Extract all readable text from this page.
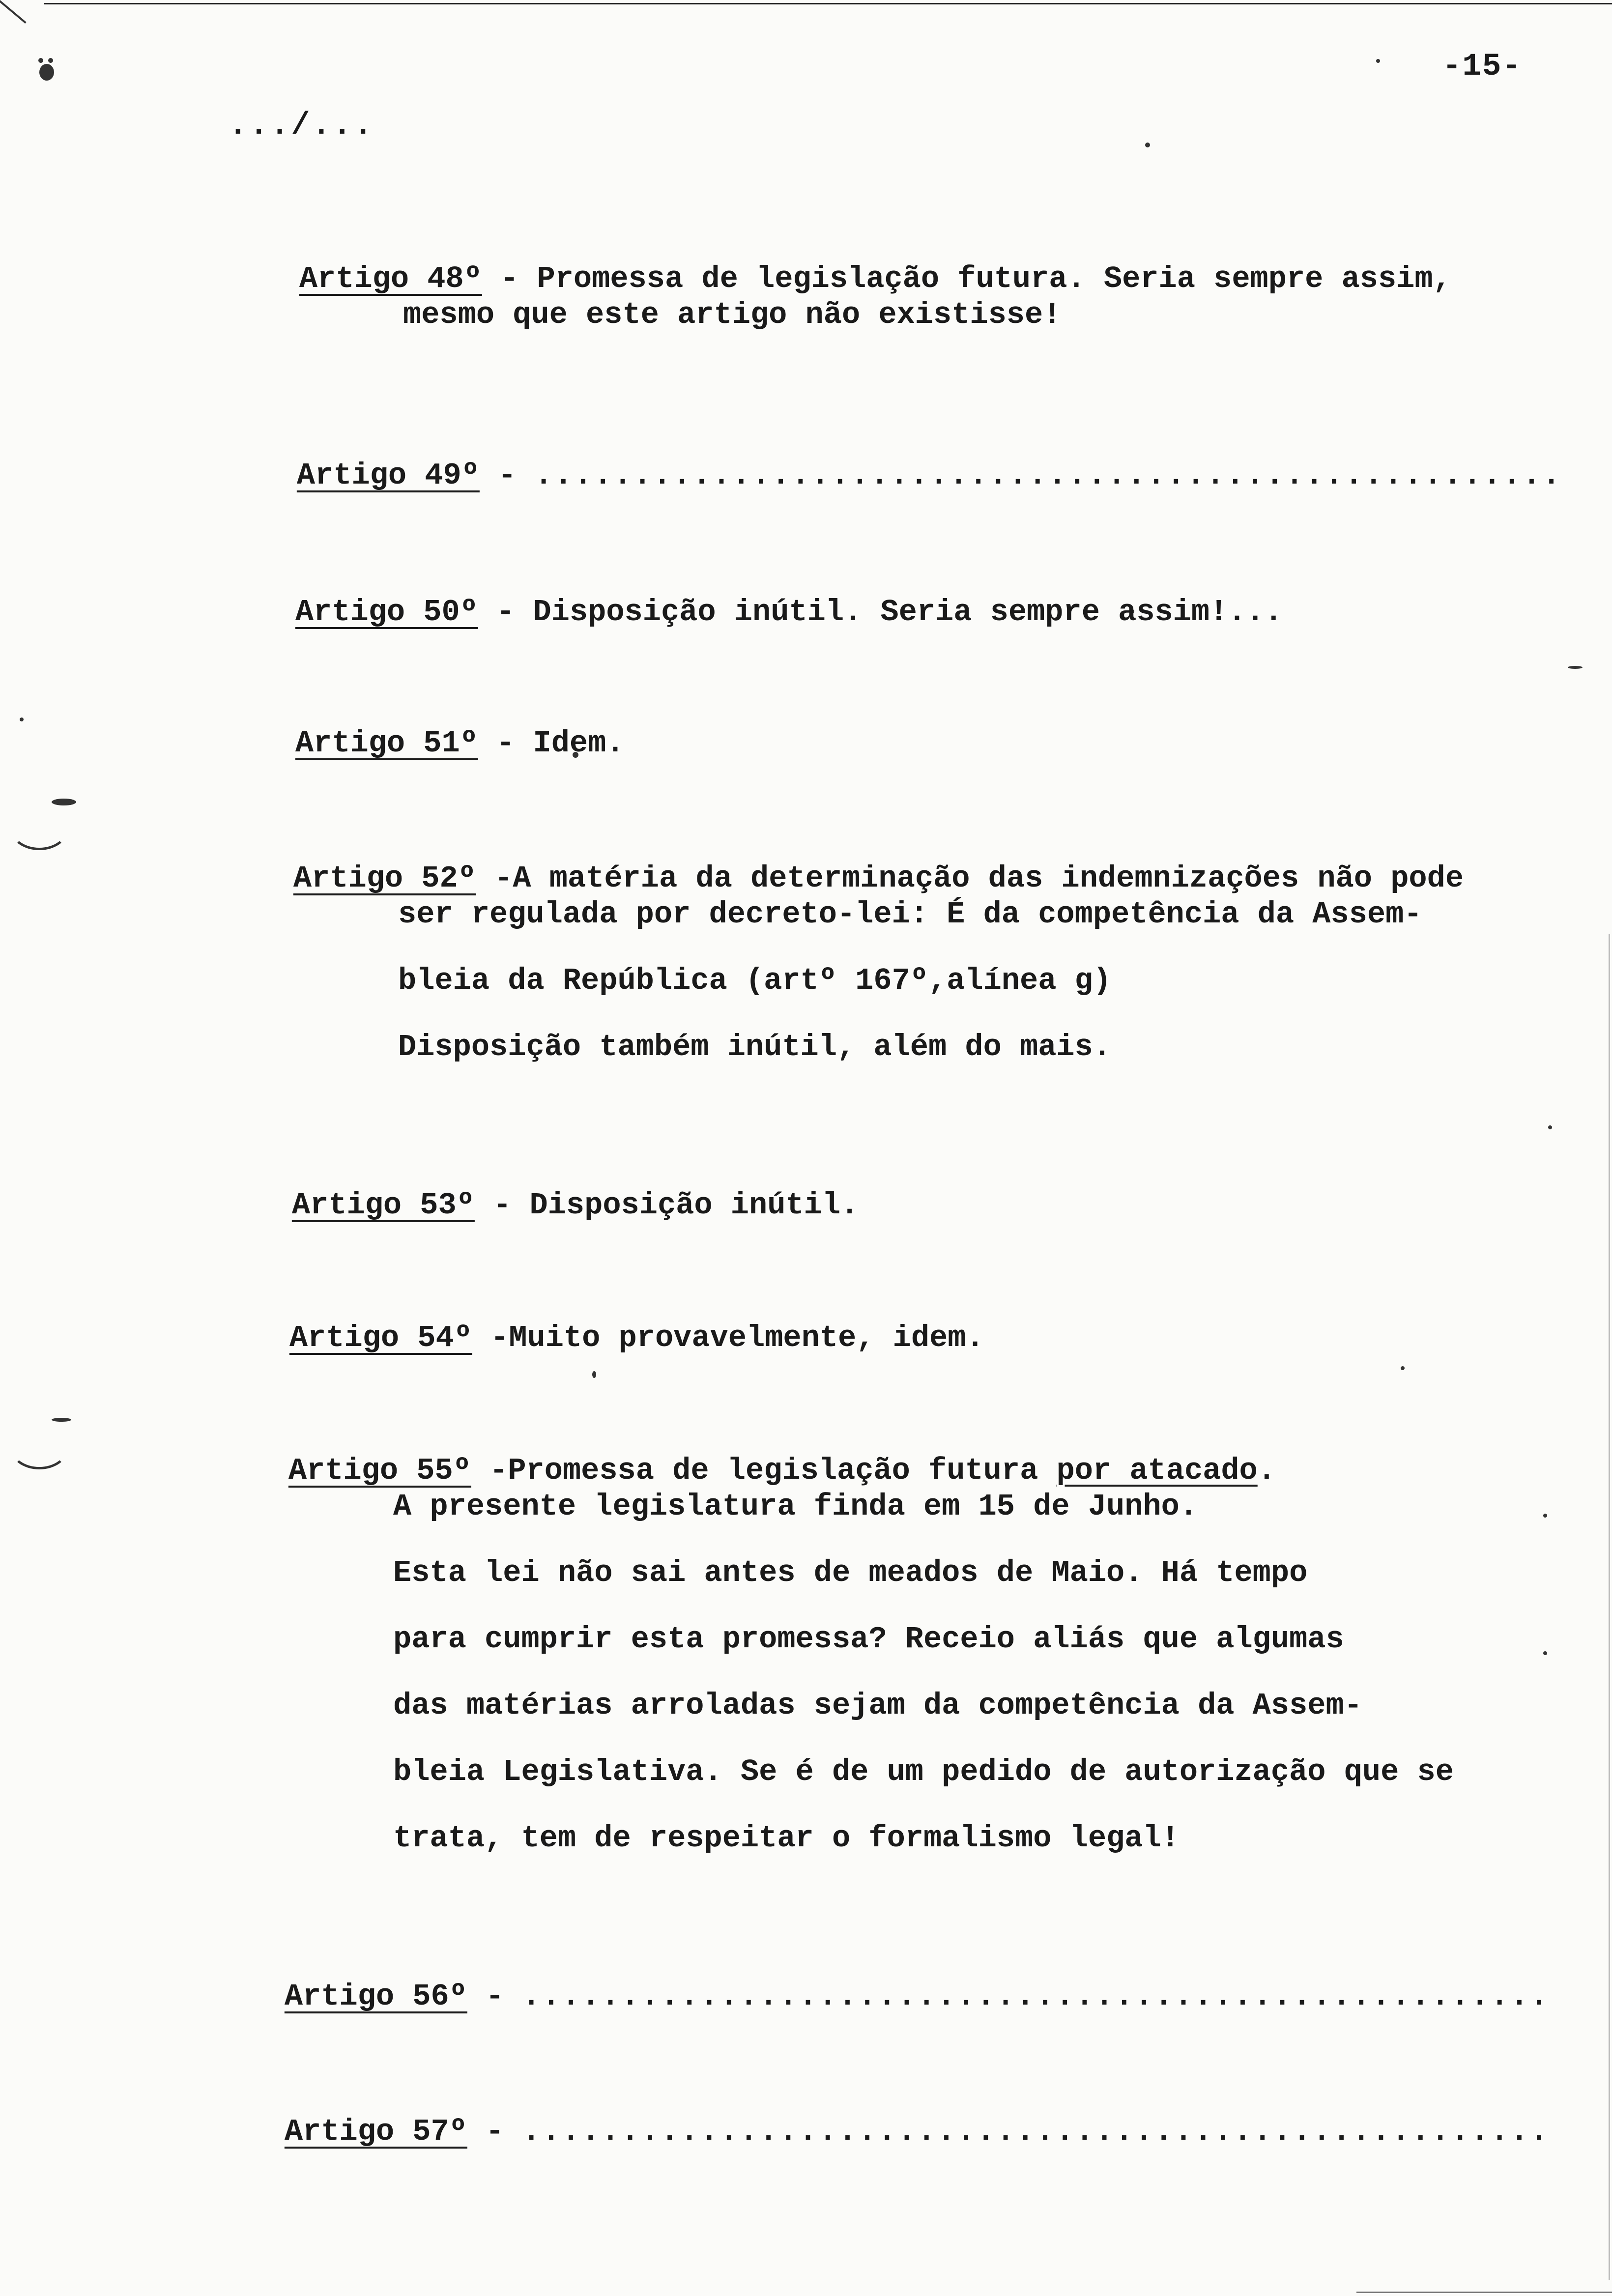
-15-
.../...

Artigo 48º - Promessa de legislação futura. Seria sempre assim,

mesmo que este artigo não existisse!

Artigo 49º - ....................................................

Artigo 50º - Disposição inútil. Seria sempre assim!...

Artigo 51º - Idem.

Artigo 52º -A matéria da determinação das indemnizações não pode

ser regulada por decreto-lei: É da competência da Assem-
bleia da República (artº 167º,alínea g)
Disposição também inútil, além do mais.

Artigo 53º - Disposição inútil.

Artigo 54º -Muito provavelmente, idem.

Artigo 55º -Promessa de legislação futura por atacado.

A presente legislatura finda em 15 de Junho.
Esta lei não sai antes de meados de Maio. Há tempo
para cumprir esta promessa? Receio aliás que algumas
das matérias arroladas sejam da competência da Assem-
bleia Legislativa. Se é de um pedido de autorização que se
trata, tem de respeitar o formalismo legal!

Artigo 56º - ....................................................

Artigo 57º - ....................................................
